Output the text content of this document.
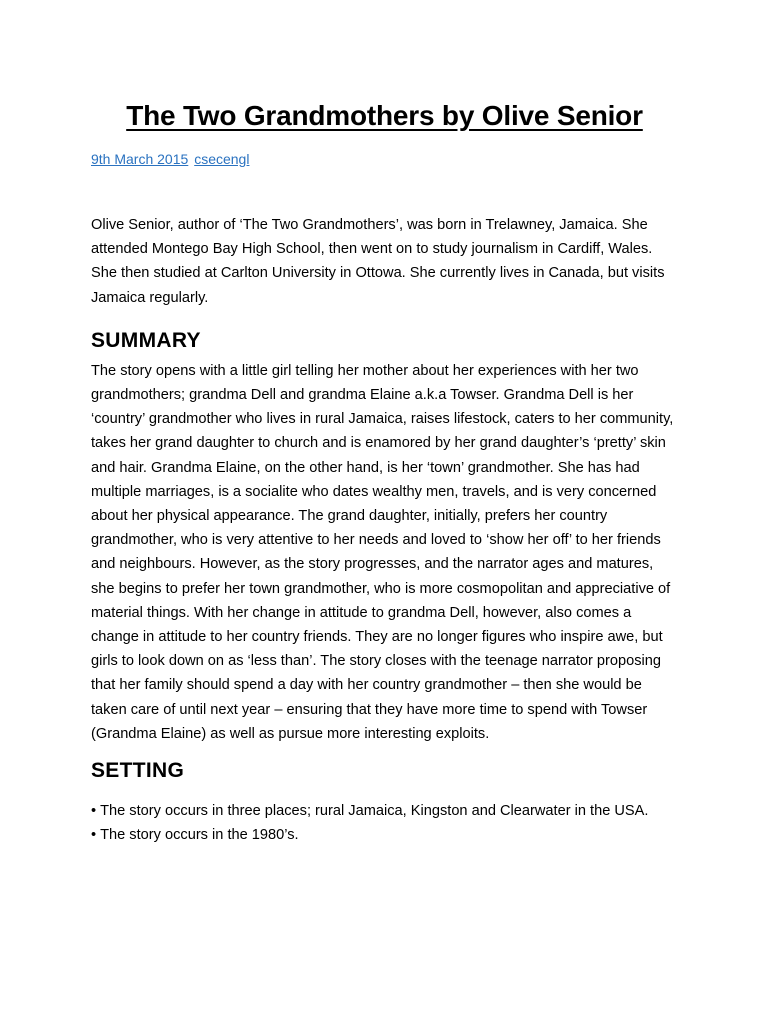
The Two Grandmothers by Olive Senior
9th March 2015 csecengl

Olive Senior, author of ‘The Two Grandmothers’, was born in Trelawney, Jamaica. She attended Montego Bay High School, then went on to study journalism in Cardiff, Wales. She then studied at Carlton University in Ottowa. She currently lives in Canada, but visits Jamaica regularly.

SUMMARY

The story opens with a little girl telling her mother about her experiences with her two grandmothers; grandma Dell and grandma Elaine a.k.a Towser. Grandma Dell is her ‘country’ grandmother who lives in rural Jamaica, raises lifestock, caters to her community, takes her grand daughter to church and is enamored by her grand daughter’s ‘pretty’ skin and hair. Grandma Elaine, on the other hand, is her ‘town’ grandmother. She has had multiple marriages, is a socialite who dates wealthy men, travels, and is very concerned about her physical appearance. The grand daughter, initially, prefers her country grandmother, who is very attentive to her needs and loved to ‘show her off’ to her friends and neighbours. However, as the story progresses, and the narrator ages and matures, she begins to prefer her town grandmother, who is more cosmopolitan and appreciative of material things. With her change in attitude to grandma Dell, however, also comes a change in attitude to her country friends. They are no longer figures who inspire awe, but girls to look down on as ‘less than’. The story closes with the teenage narrator proposing that her family should spend a day with her country grandmother – then she would be taken care of until next year – ensuring that they have more time to spend with Towser (Grandma Elaine) as well as pursue more interesting exploits.

SETTING
• The story occurs in three places; rural Jamaica, Kingston and Clearwater in the USA.
• The story occurs in the 1980’s.
